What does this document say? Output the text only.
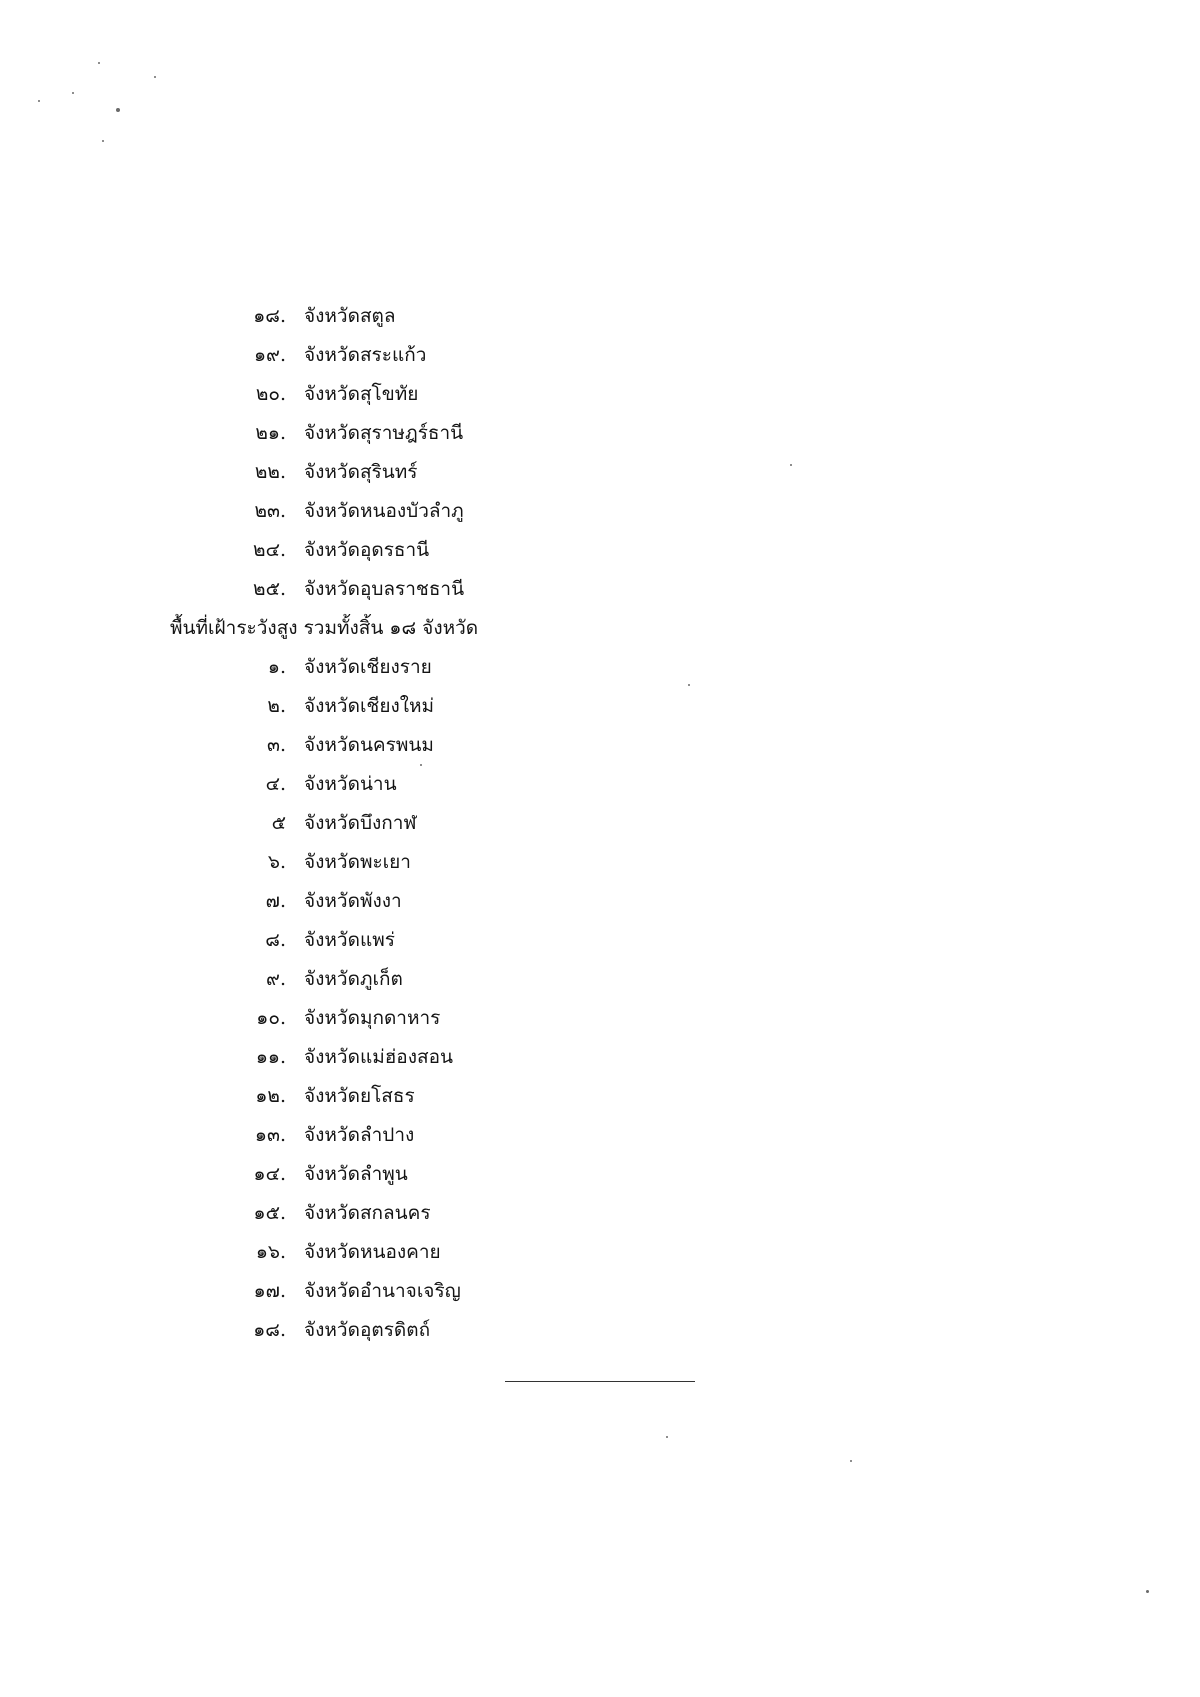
๑๘. จังหวัดสตูล
๑๙. จังหวัดสระแก้ว
๒๐. จังหวัดสุโขทัย
๒๑. จังหวัดสุราษฎร์ธานี
๒๒. จังหวัดสุรินทร์
๒๓. จังหวัดหนองบัวลำภู
๒๔. จังหวัดอุดรธานี
๒๕. จังหวัดอุบลราชธานี
พื้นที่เฝ้าระวังสูง รวมทั้งสิ้น ๑๘ จังหวัด
๑. จังหวัดเชียงราย
๒. จังหวัดเชียงใหม่
๓. จังหวัดนครพนม
๔. จังหวัดน่าน
๕ จังหวัดบึงกาฬ
๖. จังหวัดพะเยา
๗. จังหวัดพังงา
๘. จังหวัดแพร่
๙. จังหวัดภูเก็ต
๑๐. จังหวัดมุกดาหาร
๑๑. จังหวัดแม่ฮ่องสอน
๑๒. จังหวัดยโสธร
๑๓. จังหวัดลำปาง
๑๔. จังหวัดลำพูน
๑๕. จังหวัดสกลนคร
๑๖. จังหวัดหนองคาย
๑๗. จังหวัดอำนาจเจริญ
๑๘. จังหวัดอุตรดิตถ์
